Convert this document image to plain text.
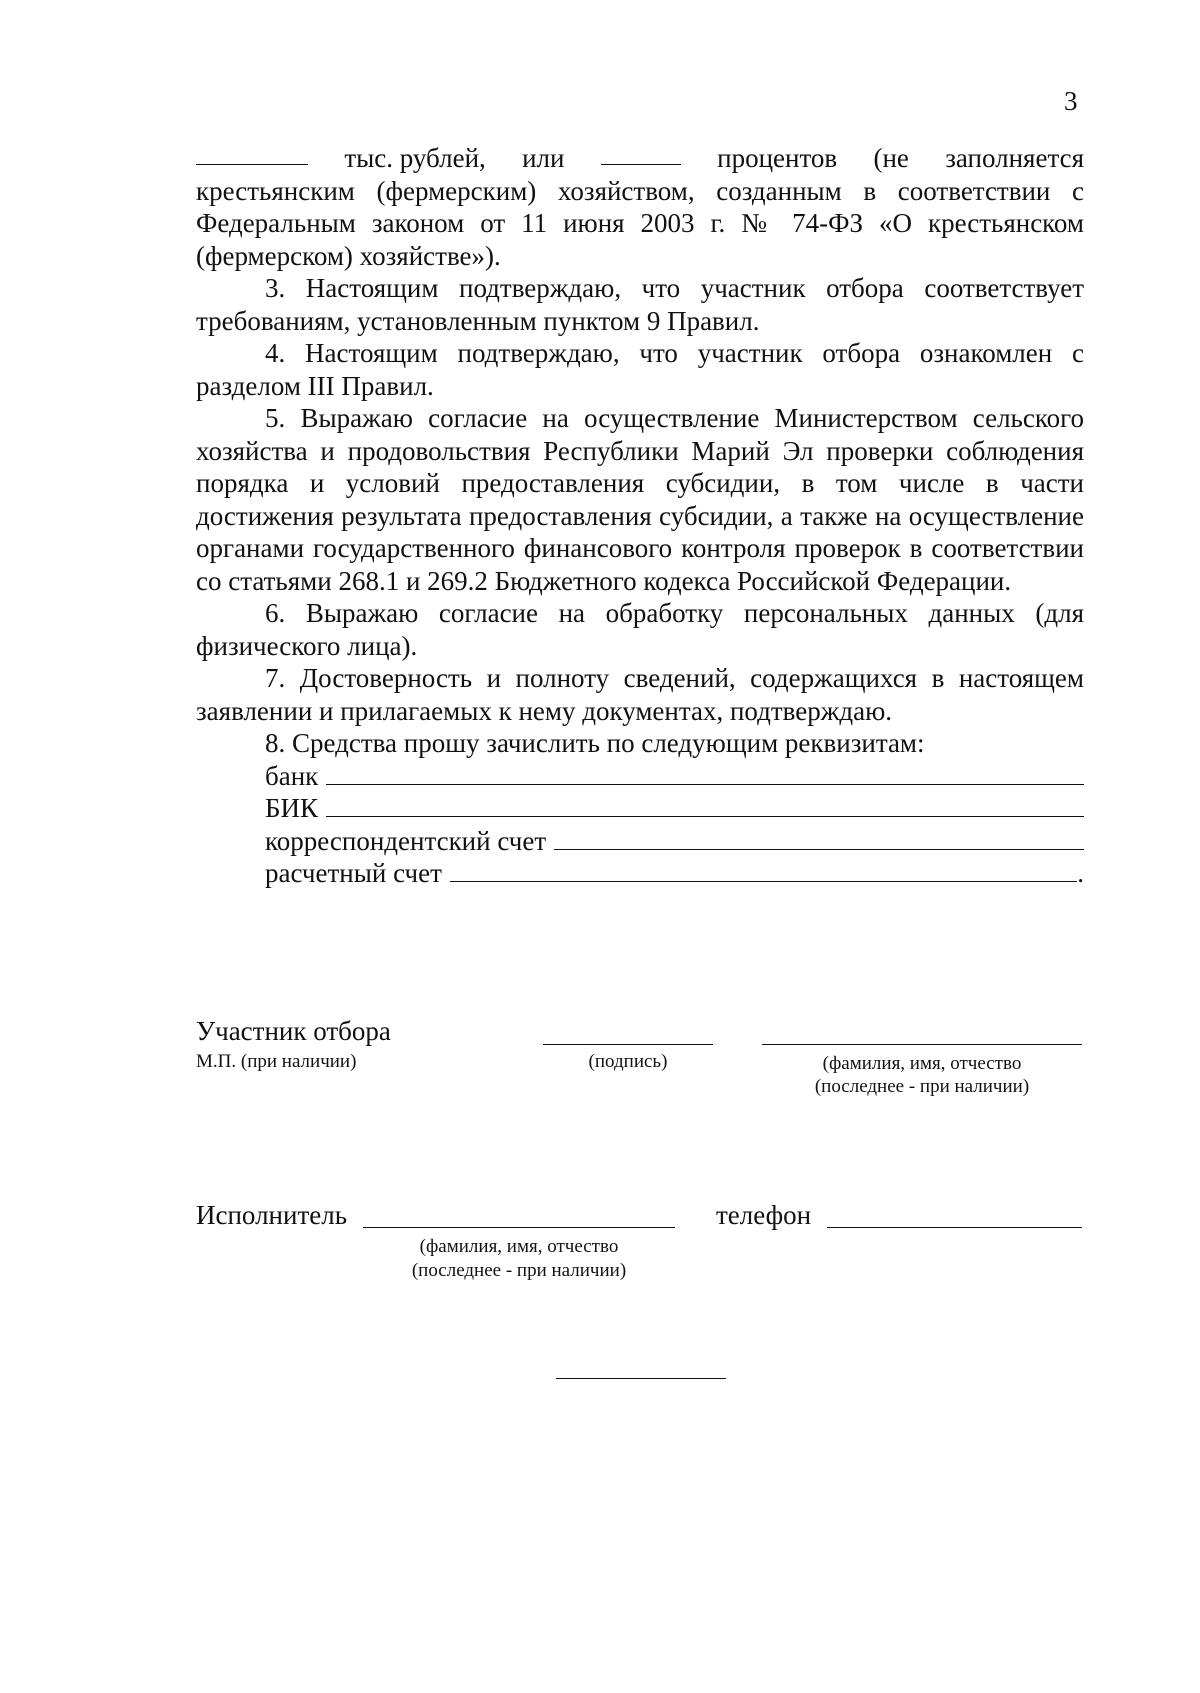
3
тыс. рублей, или	процентов (не заполняется

крестьянским (фермерским) хозяйством, созданным в соответствии с Федеральным законом от 11 июня 2003 г. № 74-ФЗ «О крестьянском (фермерском) хозяйстве»).

3. Настоящим подтверждаю, что участник отбора соответствует требованиям, установленным пунктом 9 Правил.

4. Настоящим подтверждаю, что участник отбора ознакомлен с разделом III Правил.

5. Выражаю согласие на осуществление Министерством сельского хозяйства и продовольствия Республики Марий Эл проверки соблюдения порядка и условий предоставления субсидии, в том числе в части достижения результата предоставления субсидии, а также на осуществление органами государственного финансового контроля проверок в соответствии со статьями 268.1 и 269.2 Бюджетного кодекса Российской Федерации.

6. Выражаю согласие на обработку персональных данных (для физического лица).

7. Достоверность и полноту сведений, содержащихся в настоящем заявлении и прилагаемых к нему документах, подтверждаю.

8. Средства прошу зачислить по следующим реквизитам:

банк
БИК
корреспондентский счет
расчетный счет	.
Участник отбора
М.П. (при наличии)	(подпись)	(фамилия, имя, отчество
(последнее - при наличии)
Исполнитель
(фамилия, имя, отчество
(последнее - при наличии)
телефон
